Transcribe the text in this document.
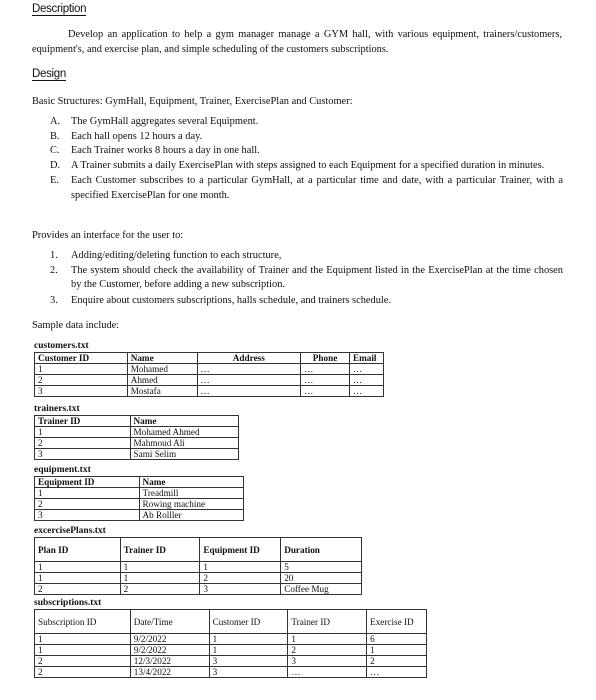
Description

Develop an application to help a gym manager manage a GYM hall, with various equipment, trainers/customers, equipment's, and exercise plan, and simple scheduling of the customers subscriptions.

Design

Basic Structures: GymHall, Equipment, Trainer, ExercisePlan and Customer:

A. The GymHall aggregates several Equipment.
B. Each hall opens 12 hours a day.
C. Each Trainer works 8 hours a day in one hall.
D. A Trainer submits a daily ExercisePlan with steps assigned to each Equipment for a specified duration in minutes.
E. Each Customer subscribes to a particular GymHall, at a particular time and date, with a particular Trainer, with a specified ExercisePlan for one month.

Provides an interface for the user to:

1. Adding/editing/deleting function to each structure,
2. The system should check the availability of Trainer and the Equipment listed in the ExercisePlan at the time chosen by the Customer, before adding a new subscription.
3. Enquire about customers subscriptions, halls schedule, and trainers schedule.

Sample data include:

customers.txt
Customer ID	Name	Address	Phone	Email
1	Mohamed	…	…	…
2	Ahmed	…	…	…
3	Mostafa	…	…	…
trainers.txt
Trainer ID	Name
1	Mohamed Ahmed
2	Mahmoud Ali
3	Sami Selim
equipment.txt
Equipment ID	Name
1	Treadmill
2	Rowing machine
3	Ab Rolller
excercisePlans.txt
Plan ID	Trainer ID	Equipment ID	Duration
1	1	1	5
1	1	2	20
2	2	3	Coffee Mug
subscriptions.txt
Subscription ID	Date/Time	Customer ID	Trainer ID	Exercise ID
1	9/2/2022	1	1	6
1	9/2/2022	1	2	1
2	12/3/2022	3	3	2
2	13/4/2022	3	…	…
